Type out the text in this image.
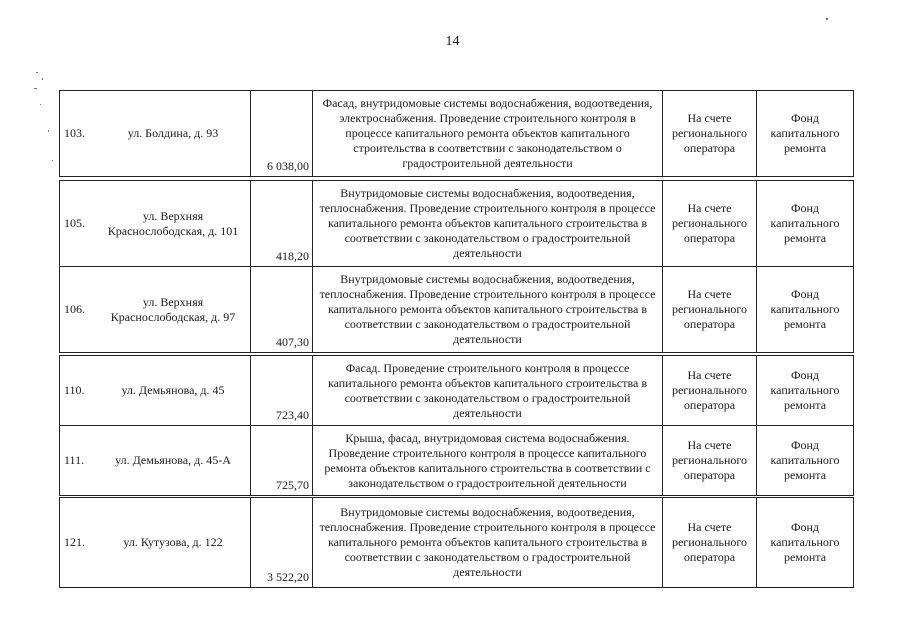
14
103.	ул. Болдина, д. 93	6 038,00	Фасад, внутридомовые системы водоснабжения, водоотведения, электроснабжения. Проведение строительного контроля в процессе капитального ремонта объектов капитального строительства в соответствии с законодательством о градостроительной деятельности	На счете регионального оператора	Фонд капитального ремонта
105.	ул. Верхняя Краснослободская, д. 101	418,20	Внутридомовые системы водоснабжения, водоотведения, теплоснабжения. Проведение строительного контроля в процессе капитального ремонта объектов капитального строительства в соответствии с законодательством о градостроительной деятельности	На счете регионального оператора	Фонд капитального ремонта
106.	ул. Верхняя Краснослободская, д. 97	407,30	Внутридомовые системы водоснабжения, водоотведения, теплоснабжения. Проведение строительного контроля в процессе капитального ремонта объектов капитального строительства в соответствии с законодательством о градостроительной деятельности	На счете регионального оператора	Фонд капитального ремонта
110.	ул. Демьянова, д. 45	723,40	Фасад. Проведение строительного контроля в процессе капитального ремонта объектов капитального строительства в соответствии с законодательством о градостроительной деятельности	На счете регионального оператора	Фонд капитального ремонта
111.	ул. Демьянова, д. 45-А	725,70	Крыша, фасад, внутридомовая система водоснабжения. Проведение строительного контроля в процессе капитального ремонта объектов капитального строительства в соответствии с законодательством о градостроительной деятельности	На счете регионального оператора	Фонд капитального ремонта
121.	ул. Кутузова, д. 122	3 522,20	Внутридомовые системы водоснабжения, водоотведения, теплоснабжения. Проведение строительного контроля в процессе капитального ремонта объектов капитального строительства в соответствии с законодательством о градостроительной деятельности	На счете регионального оператора	Фонд капитального ремонта
